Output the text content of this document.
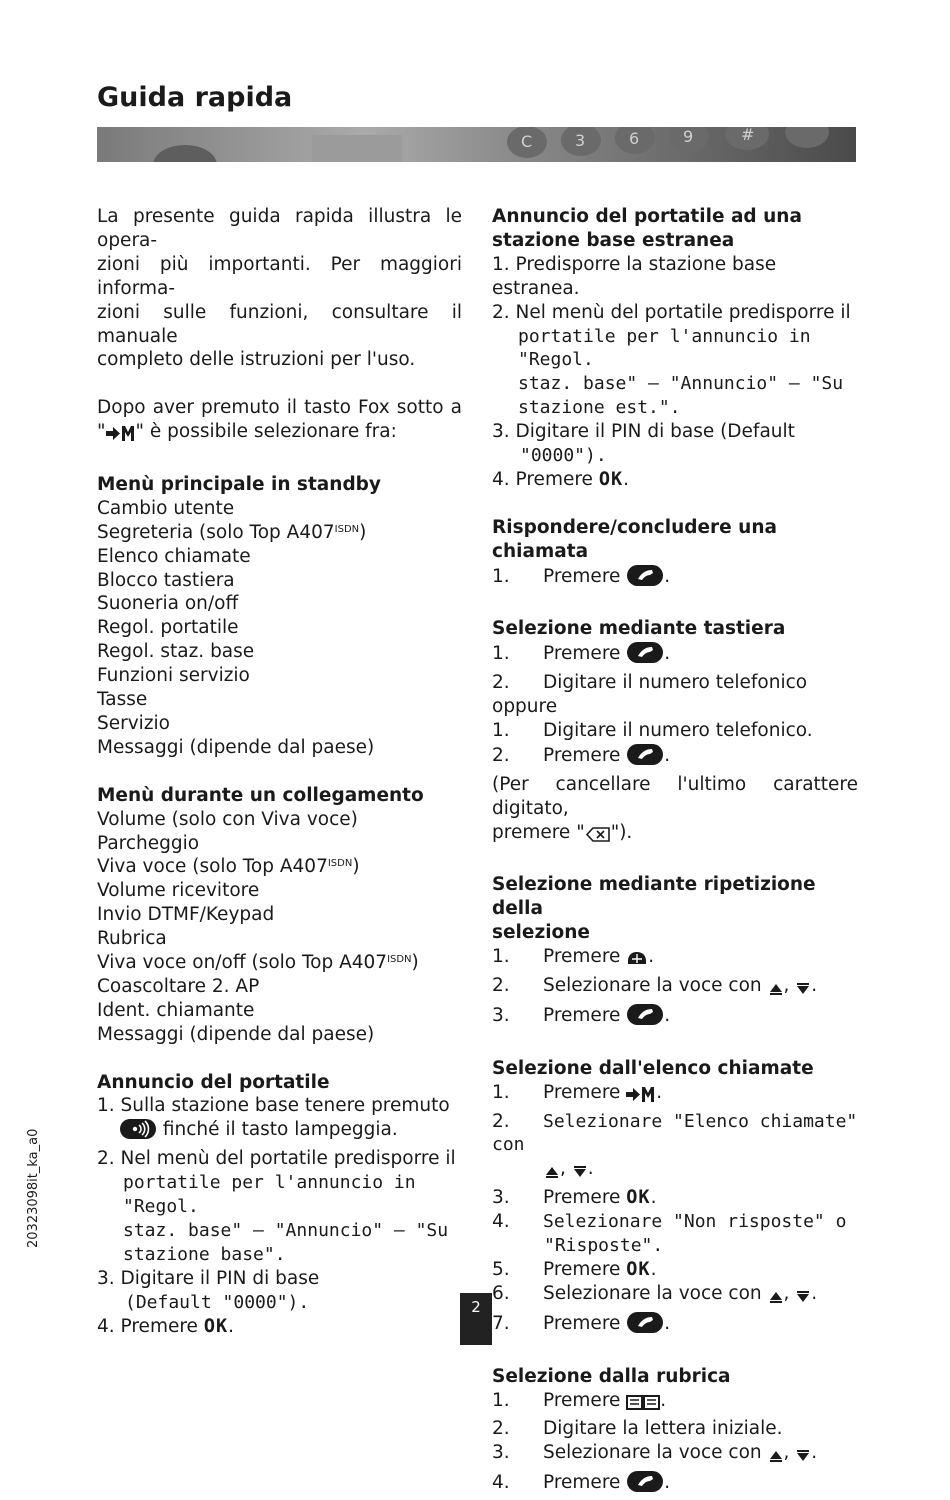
Guida rapida
C	3	6	9	#

La presente guida rapida illustra le opera-

zioni più importanti. Per maggiori informa-

zioni sulle funzioni, consultare il manuale

completo delle istruzioni per l'uso.

Dopo aver premuto il tasto Fox sotto a

" " è possibile selezionare fra:

Menù principale in standby

Cambio utente

Segreteria (solo Top $A407^{ISDN}$)

Elenco chiamate

Blocco tastiera

Suoneria on/off

Regol. portatile

Regol. staz. base

Funzioni servizio

Tasse

Servizio

Messaggi (dipende dal paese)

Menù durante un collegamento

Volume (solo con Viva voce)

Parcheggio

Viva voce (solo Top $A407^{ISDN}$)

Volume ricevitore

Invio DTMF/Keypad

Rubrica

Viva voce on/off (solo Top $A407^{ISDN}$)

Coascoltare 2. AP

Ident. chiamante

Messaggi (dipende dal paese)

Annuncio del portatile

1. Sulla stazione base tenere premuto

finché il tasto lampeggia.

2. Nel menù del portatile predisporre il

portatile per l'annuncio in "Regol.

staz. base" – "Annuncio" – "Su

stazione base".

3. Digitare il PIN di base

(Default "0000").

4. Premere OK.

Annuncio del portatile ad una

stazione base estranea

1. Predisporre la stazione base estranea.

2. Nel menù del portatile predisporre il

portatile per l'annuncio in "Regol.

staz. base" – "Annuncio" – "Su

stazione est.".

3. Digitare il PIN di base (Default

"0000").

4. Premere OK.

Rispondere/concludere una chiamata

1. Premere .

Selezione mediante tastiera

1. Premere .

2. Digitare il numero telefonico

oppure

1. Digitare il numero telefonico.

2. Premere .

(Per cancellare l'ultimo carattere digitato,

premere " ").

Selezione mediante ripetizione della

selezione

1. Premere .

2. Selezionare la voce con , .

3. Premere .

Selezione dall'elenco chiamate

1. Premere .

2. Selezionare "Elenco chiamate" con

, .

3. Premere OK.

4. Selezionare "Non risposte" o

"Risposte".

5. Premere OK.

6. Selezionare la voce con , .

7. Premere .

Selezione dalla rubrica

1. Premere .

2. Digitare la lettera iniziale.

3. Selezionare la voce con , .

4. Premere .

20323098it_ka_a0
2
